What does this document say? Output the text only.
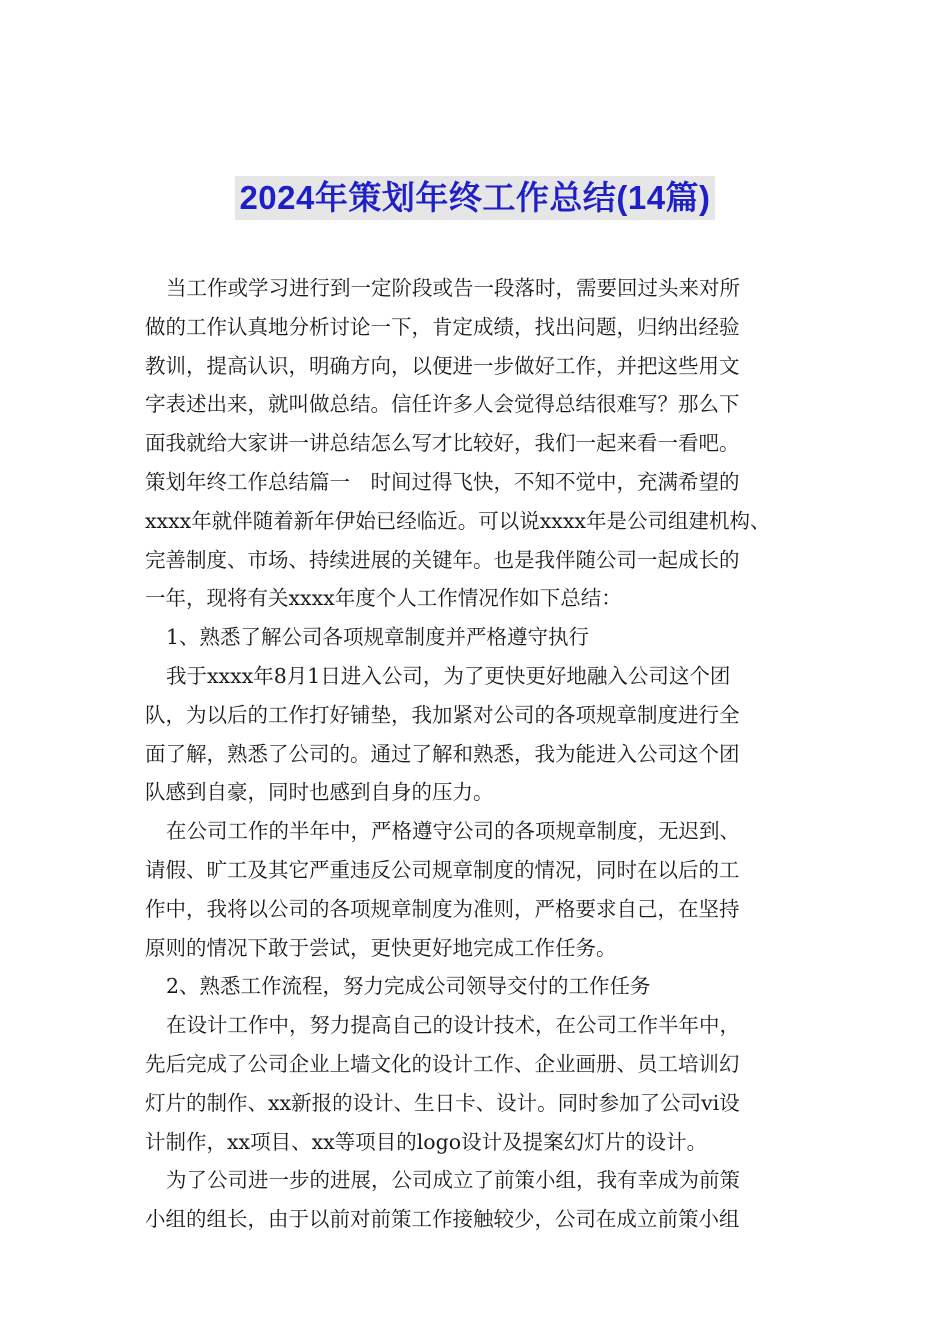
2024年策划年终工作总结(14篇)
当工作或学习进行到一定阶段或告一段落时，需要回过头来对所
做的工作认真地分析讨论一下，肯定成绩，找出问题，归纳出经验
教训，提高认识，明确方向，以便进一步做好工作，并把这些用文
字表述出来，就叫做总结。信任许多人会觉得总结很难写？那么下
面我就给大家讲一讲总结怎么写才比较好，我们一起来看一看吧。
策划年终工作总结篇一　时间过得飞快，不知不觉中，充满希望的
xxxx年就伴随着新年伊始已经临近。可以说xxxx年是公司组建机构、
完善制度、市场、持续进展的关键年。也是我伴随公司一起成长的
一年，现将有关xxxx年度个人工作情况作如下总结：
1、熟悉了解公司各项规章制度并严格遵守执行
我于xxxx年8月1日进入公司，为了更快更好地融入公司这个团
队，为以后的工作打好铺垫，我加紧对公司的各项规章制度进行全
面了解，熟悉了公司的。通过了解和熟悉，我为能进入公司这个团
队感到自豪，同时也感到自身的压力。
在公司工作的半年中，严格遵守公司的各项规章制度，无迟到、
请假、旷工及其它严重违反公司规章制度的情况，同时在以后的工
作中，我将以公司的各项规章制度为准则，严格要求自己，在坚持
原则的情况下敢于尝试，更快更好地完成工作任务。
2、熟悉工作流程，努力完成公司领导交付的工作任务
在设计工作中，努力提高自己的设计技术，在公司工作半年中，
先后完成了公司企业上墙文化的设计工作、企业画册、员工培训幻
灯片的制作、xx新报的设计、生日卡、设计。同时参加了公司vi设
计制作，xx项目、xx等项目的logo设计及提案幻灯片的设计。
为了公司进一步的进展，公司成立了前策小组，我有幸成为前策
小组的组长，由于以前对前策工作接触较少，公司在成立前策小组
